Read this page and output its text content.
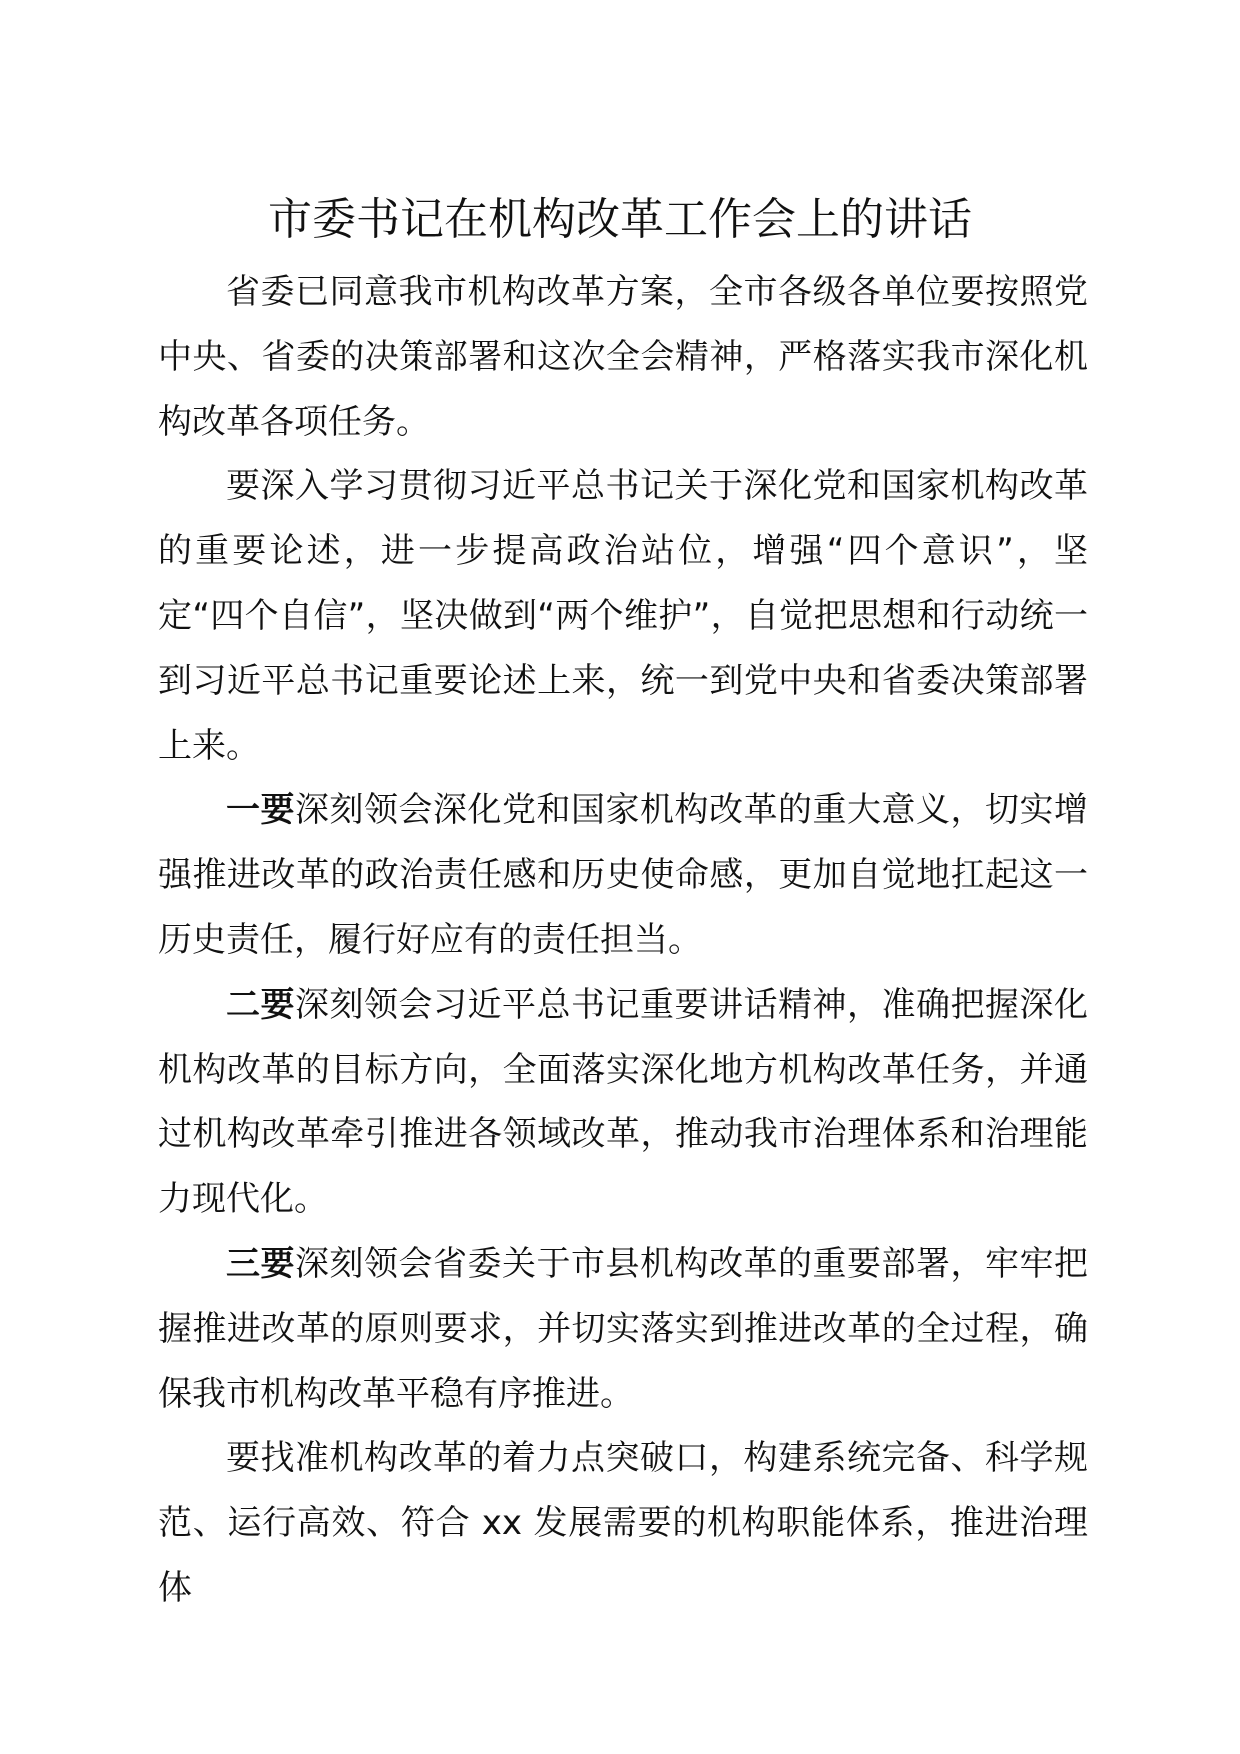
市委书记在机构改革工作会上的讲话

省委已同意我市机构改革方案，全市各级各单位要按照党中央、省委的决策部署和这次全会精神，严格落实我市深化机构改革各项任务。

要深入学习贯彻习近平总书记关于深化党和国家机构改革的重要论述，进一步提高政治站位，增强“四个意识”，坚定“四个自信”，坚决做到“两个维护”，自觉把思想和行动统一到习近平总书记重要论述上来，统一到党中央和省委决策部署上来。

一要深刻领会深化党和国家机构改革的重大意义，切实增强推进改革的政治责任感和历史使命感，更加自觉地扛起这一历史责任，履行好应有的责任担当。

二要深刻领会习近平总书记重要讲话精神，准确把握深化机构改革的目标方向，全面落实深化地方机构改革任务，并通过机构改革牵引推进各领域改革，推动我市治理体系和治理能力现代化。

三要深刻领会省委关于市县机构改革的重要部署，牢牢把握推进改革的原则要求，并切实落实到推进改革的全过程，确保我市机构改革平稳有序推进。

要找准机构改革的着力点突破口，构建系统完备、科学规范、运行高效、符合 xx 发展需要的机构职能体系，推进治理体
